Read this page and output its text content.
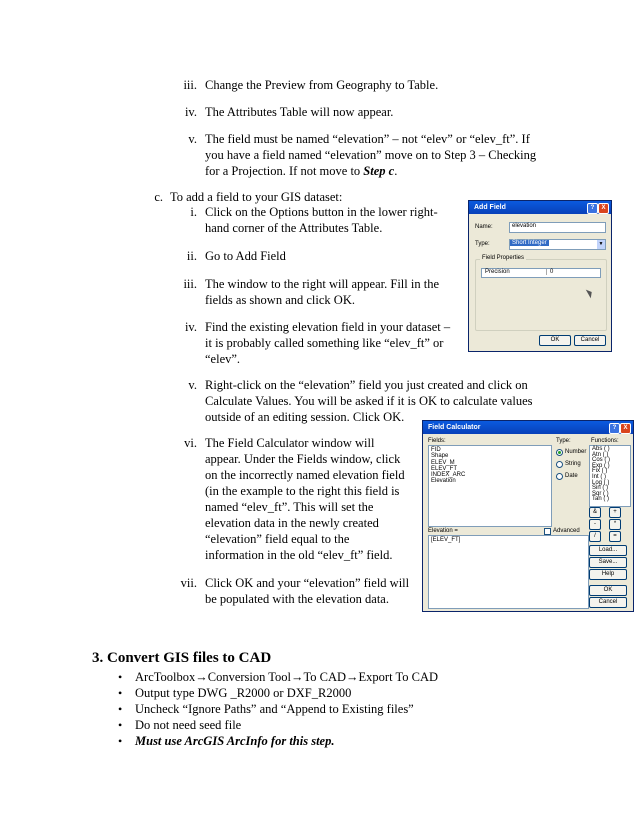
iii. Change the Preview from Geography to Table.
iv. The Attributes Table will now appear.
v. The field must be named “elevation” – not “elev” or “elev_ft”. If
you have a field named “elevation” move on to Step 3 – Checking
for a Projection. If not move to Step c.
c. To add a field to your GIS dataset:
i. Click on the Options button in the lower right-
hand corner of the Attributes Table.
ii. Go to Add Field
iii. The window to the right will appear. Fill in the
fields as shown and click OK.
iv. Find the existing elevation field in your dataset –
it is probably called something like “elev_ft” or
“elev”.
v. Right-click on the “elevation” field you just created and click on
Calculate Values. You will be asked if it is OK to calculate values
outside of an editing session. Click OK.
vi. The Field Calculator window will
appear. Under the Fields window, click
on the incorrectly named elevation field
(in the example to the right this field is
named “elev_ft”. This will set the
elevation data in the newly created
“elevation” field equal to the
information in the old “elev_ft” field.
vii. Click OK and your “elevation” field will
be populated with the elevation data.
3. Convert GIS files to CAD
• ArcToolbox→Conversion Tool→To CAD→Export To CAD
• Output type DWG _R2000 or DXF_R2000
• Uncheck “Ignore Paths” and “Append to Existing files”
• Do not need seed file
• Must use ArcGIS ArcInfo for this step.
Add Field	?	X
Name:	elevation
Type:	Short Integer	▼
Field Properties
Precision	0
OK	Cancel
Field Calculator	?	X
Fields:
FID
Shape
ELEV_M
ELEV_FT
INDEX_ARC
Elevation
Type:
Number
String
Date
Functions:
Abs ( )
Atn ( )
Cos ( )
Exp ( )
Fix ( )
Int ( )
Log ( )
Sin ( )
Sqr ( )
Tan ( )
&	+
-	*
/	=
Elevation =	Advanced
[ELEV_FT]
Load...
Save...
Help
OK
Cancel
